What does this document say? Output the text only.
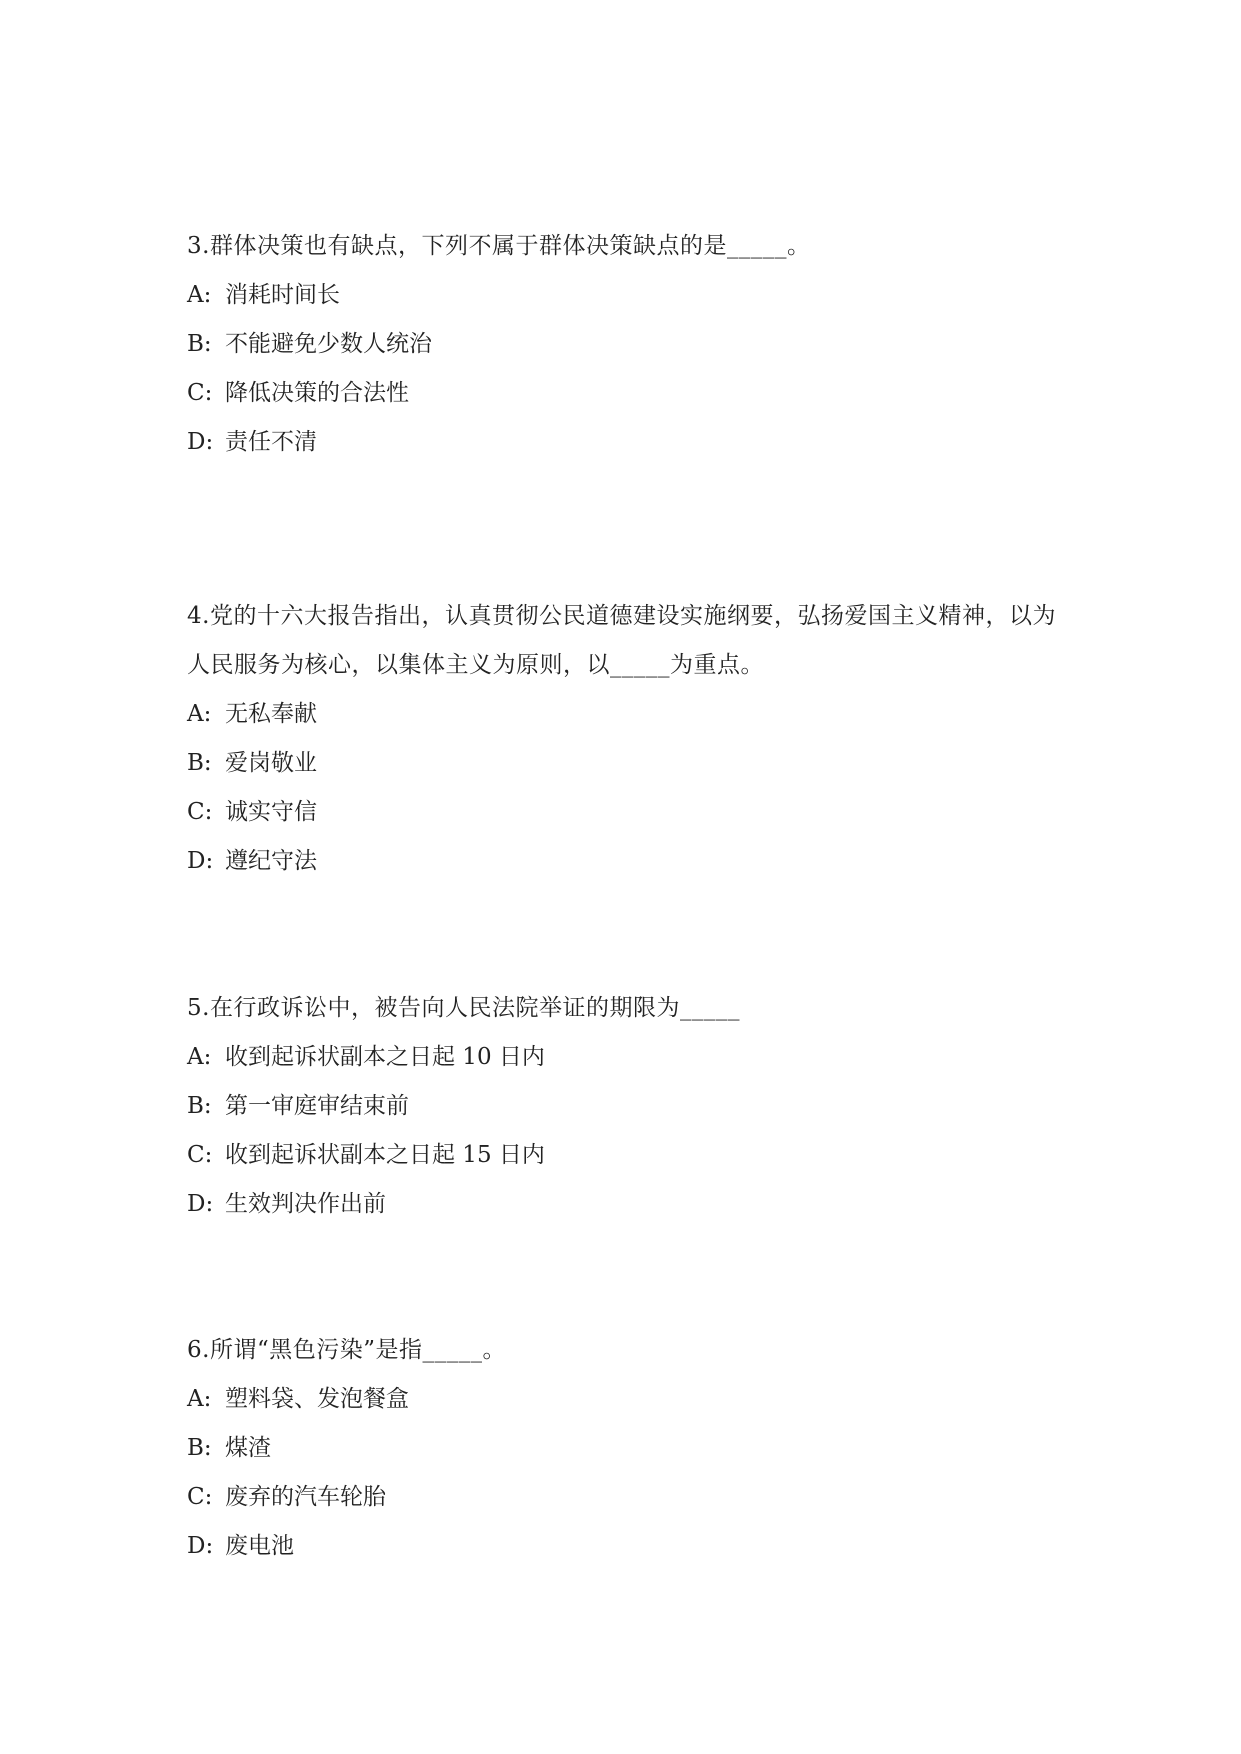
3.群体决策也有缺点，下列不属于群体决策缺点的是_____。

A: 消耗时间长
B: 不能避免少数人统治
C: 降低决策的合法性
D: 责任不清

4.党的十六大报告指出，认真贯彻公民道德建设实施纲要，弘扬爱国主义精神，以为人民服务为核心，以集体主义为原则，以_____为重点。

A: 无私奉献
B: 爱岗敬业
C: 诚实守信
D: 遵纪守法

5.在行政诉讼中，被告向人民法院举证的期限为_____

A: 收到起诉状副本之日起 10 日内
B: 第一审庭审结束前
C: 收到起诉状副本之日起 15 日内
D: 生效判决作出前

6.所谓“黑色污染”是指_____。

A: 塑料袋、发泡餐盒
B: 煤渣
C: 废弃的汽车轮胎
D: 废电池
